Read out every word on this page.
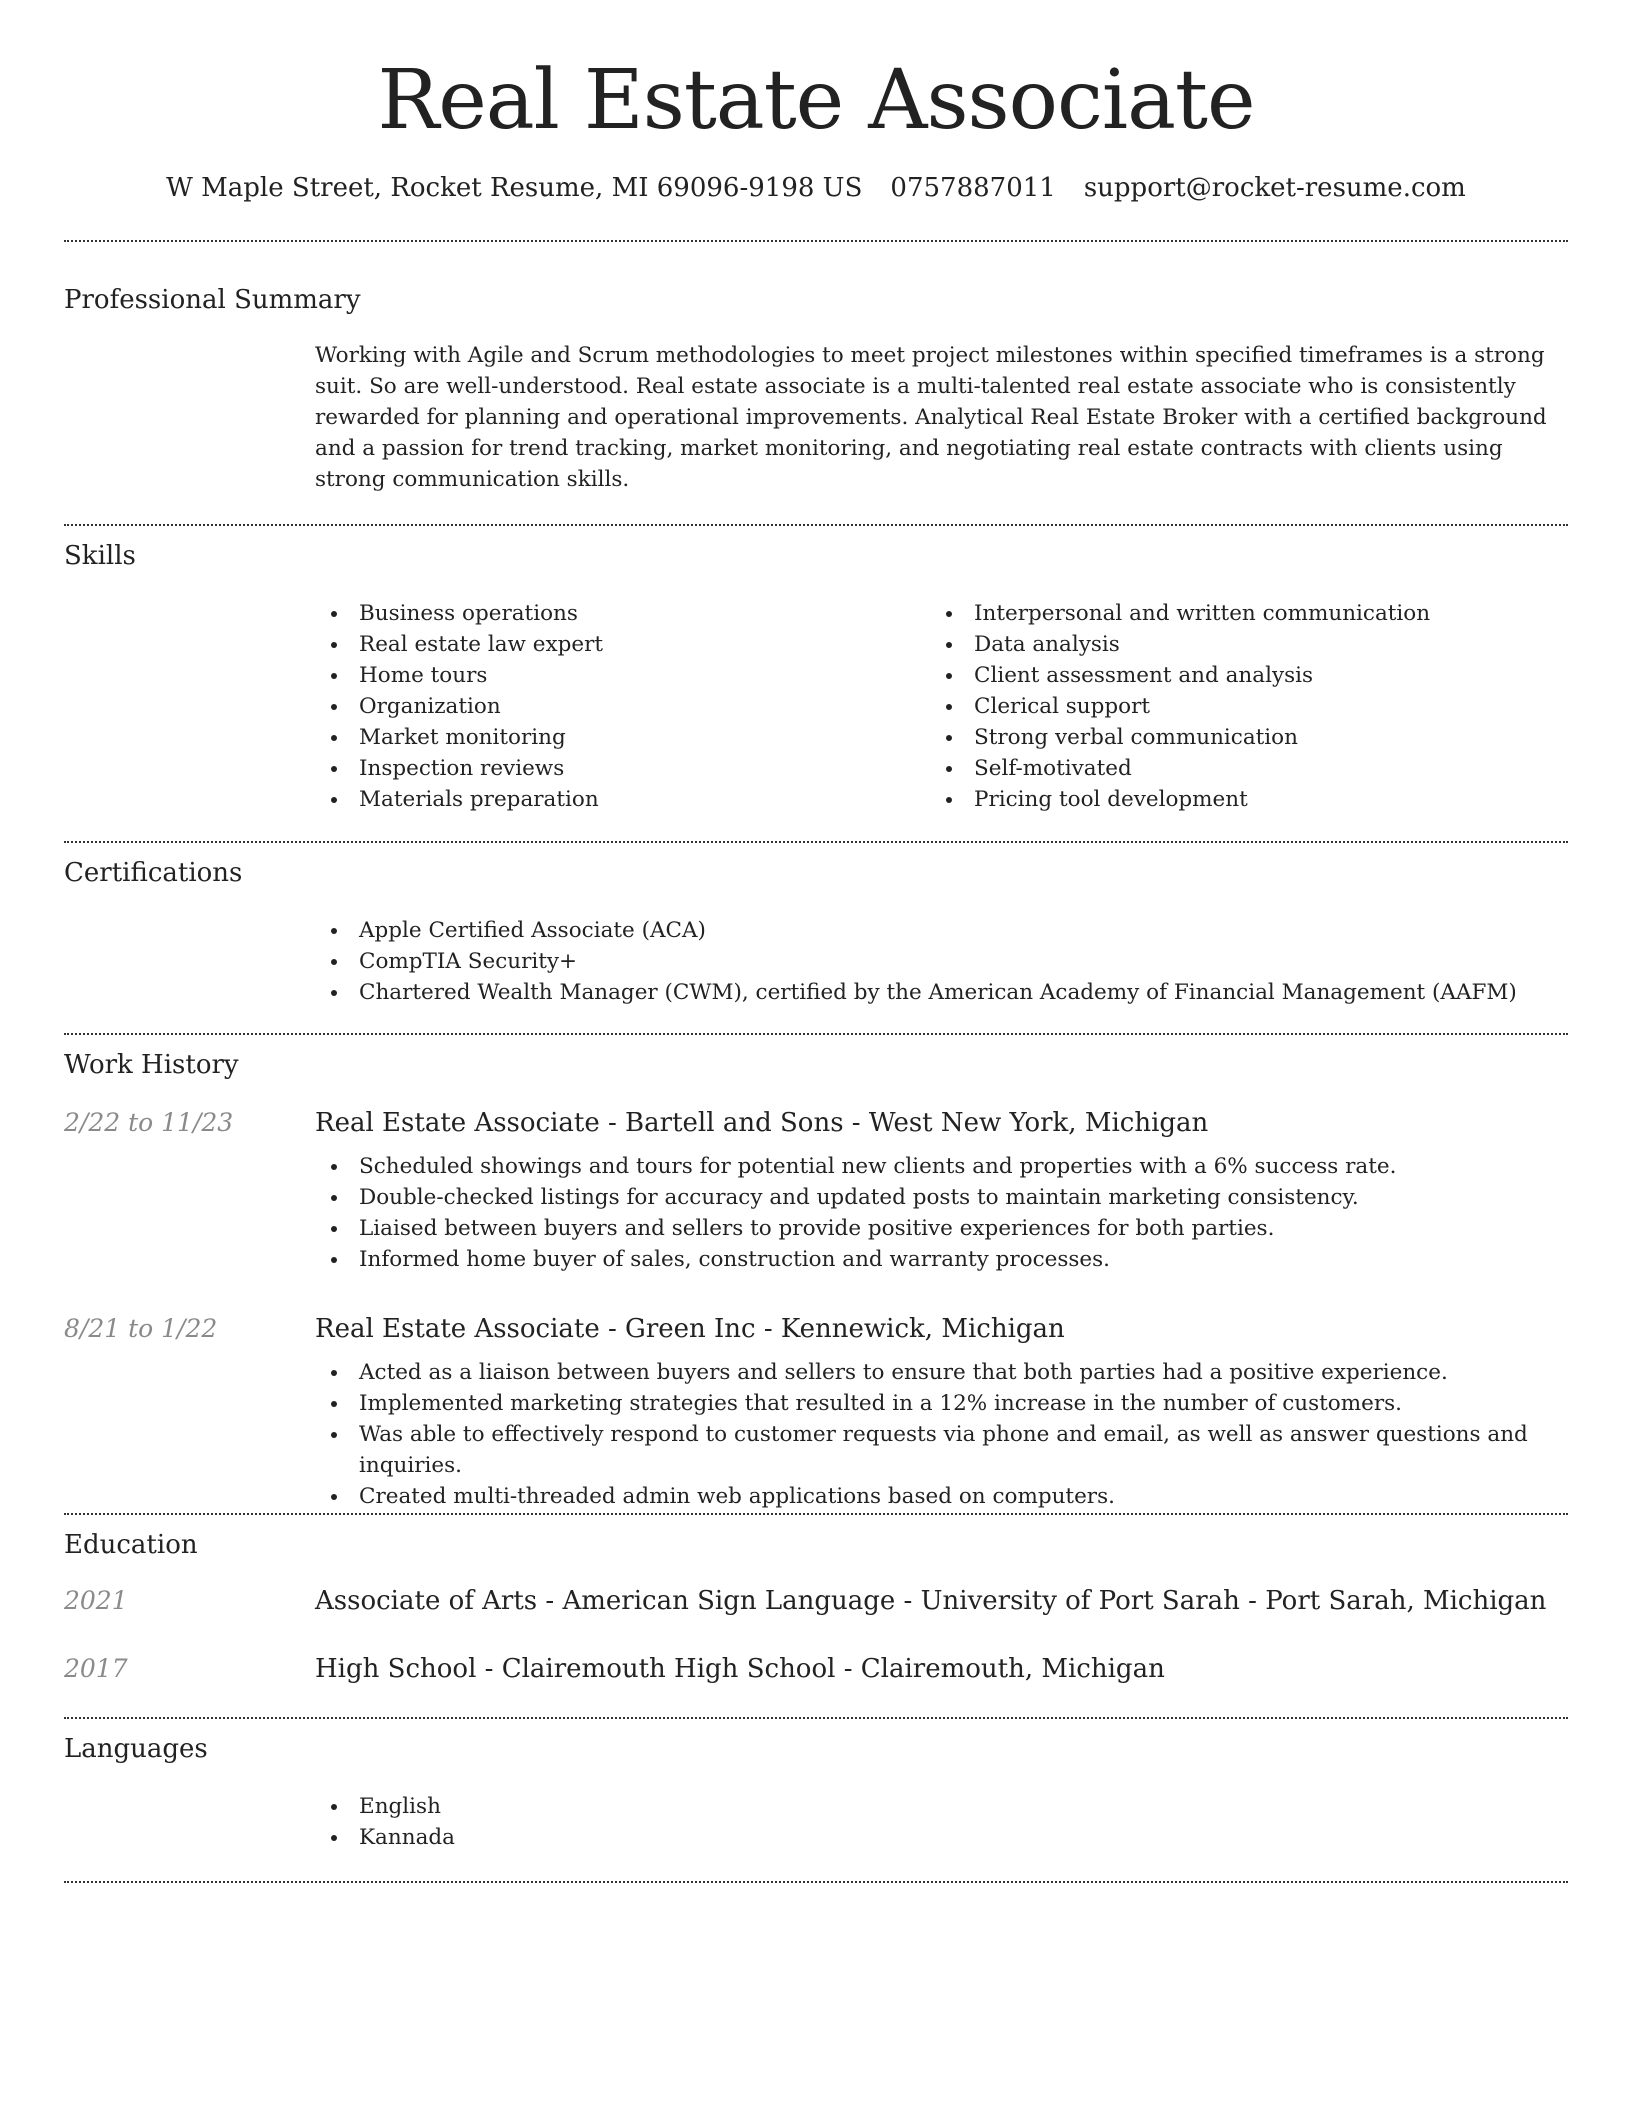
Real Estate Associate
W Maple Street, Rocket Resume, MI 69096-9198 US 0757887011 support@rocket-resume.com
Professional Summary

Working with Agile and Scrum methodologies to meet project milestones within specified timeframes is a strong suit. So are well-understood. Real estate associate is a multi-talented real estate associate who is consistently rewarded for planning and operational improvements. Analytical Real Estate Broker with a certified background and a passion for trend tracking, market monitoring, and negotiating real estate contracts with clients using strong communication skills.

Skills
Business operations
Real estate law expert
Home tours
Organization
Market monitoring
Inspection reviews
Materials preparation
Interpersonal and written communication
Data analysis
Client assessment and analysis
Clerical support
Strong verbal communication
Self-motivated
Pricing tool development
Certifications
Apple Certified Associate (ACA)
CompTIA Security+
Chartered Wealth Manager (CWM), certified by the American Academy of Financial Management (AAFM)
Work History
2/22 to 11/23	Real Estate Associate - Bartell and Sons - West New York, Michigan
Scheduled showings and tours for potential new clients and properties with a 6% success rate.
Double-checked listings for accuracy and updated posts to maintain marketing consistency.
Liaised between buyers and sellers to provide positive experiences for both parties.
Informed home buyer of sales, construction and warranty processes.
8/21 to 1/22	Real Estate Associate - Green Inc - Kennewick, Michigan
Acted as a liaison between buyers and sellers to ensure that both parties had a positive experience.
Implemented marketing strategies that resulted in a 12% increase in the number of customers.
Was able to effectively respond to customer requests via phone and email, as well as answer questions and inquiries.
Created multi-threaded admin web applications based on computers.
Education
2021	Associate of Arts - American Sign Language - University of Port Sarah - Port Sarah, Michigan
2017	High School - Clairemouth High School - Clairemouth, Michigan
Languages
English
Kannada
